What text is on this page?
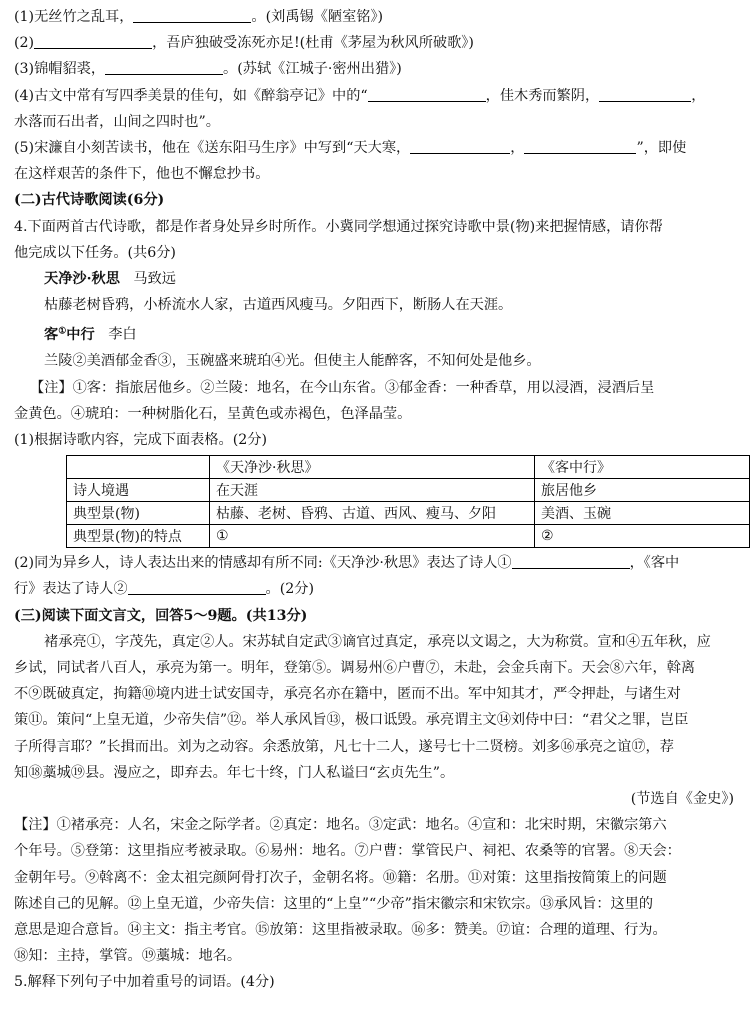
(1)无丝竹之乱耳，	。(刘禹锡《陋室铭》)
(2)	，吾庐独破受冻死亦足!(杜甫《茅屋为秋风所破歌》)
(3)锦帽貂裘，	。(苏轼《江城子·密州出猎》)
(4)古文中常有写四季美景的佳句，如《醉翁亭记》中的“	，佳木秀而繁阴，	，
水落而石出者，山间之四时也”。
(5)宋濂自小刻苦读书，他在《送东阳马生序》中写到“天大寒，	，	”，即使
在这样艰苦的条件下，他也不懈怠抄书。
(二)古代诗歌阅读(6分)
4.下面两首古代诗歌，都是作者身处异乡时所作。小冀同学想通过探究诗歌中景(物)来把握情感，请你帮
他完成以下任务。(共6分)
天净沙·秋思 马致远
枯藤老树昏鸦，小桥流水人家，古道西风瘦马。夕阳西下，断肠人在天涯。
客①中行 李白
兰陵②美酒郁金香③，玉碗盛来琥珀④光。但使主人能醉客，不知何处是他乡。
【注】①客：指旅居他乡。②兰陵：地名，在今山东省。③郁金香：一种香草，用以浸酒，浸酒后呈
金黄色。④琥珀：一种树脂化石，呈黄色或赤褐色，色泽晶莹。
(1)根据诗歌内容，完成下面表格。(2分)
	《天净沙·秋思》	《客中行》
诗人境遇	在天涯	旅居他乡
典型景(物)	枯藤、老树、昏鸦、古道、西风、瘦马、夕阳	美酒、玉碗
典型景(物)的特点	①	②
(2)同为异乡人，诗人表达出来的情感却有所不同:《天净沙·秋思》表达了诗人①	，《客中
行》表达了诗人②	。(2分)
(三)阅读下面文言文，回答5～9题。(共13分)
褚承亮①，字茂先，真定②人。宋苏轼自定武③谪官过真定，承亮以文谒之，大为称赏。宣和④五年秋，应
乡试，同试者八百人，承亮为第一。明年，登第⑤。调易州⑥户曹⑦，未赴，会金兵南下。天会⑧六年，斡离
不⑨既破真定，拘籍⑩境内进士试安国寺，承亮名亦在籍中，匿而不出。军中知其才，严令押赴，与诸生对
策⑪。策问“上皇无道，少帝失信”⑫。举人承风旨⑬，极口诋毁。承亮谓主文⑭刘侍中曰：“君父之罪，岂臣
子所得言耶？”长揖而出。刘为之动容。余悉放第，凡七十二人，遂号七十二贤榜。刘多⑯承亮之谊⑰，荐
知⑱藁城⑲县。漫应之，即弃去。年七十终，门人私谥曰“玄贞先生”。
(节选自《金史》)
【注】①褚承亮：人名，宋金之际学者。②真定：地名。③定武：地名。④宣和：北宋时期，宋徽宗第六
个年号。⑤登第：这里指应考被录取。⑥易州：地名。⑦户曹：掌管民户、祠祀、农桑等的官署。⑧天会：
金朝年号。⑨斡离不：金太祖完颜阿骨打次子，金朝名将。⑩籍：名册。⑪对策：这里指按简策上的问题
陈述自己的见解。⑫上皇无道，少帝失信：这里的“上皇”“少帝”指宋徽宗和宋钦宗。⑬承风旨：这里的
意思是迎合意旨。⑭主文：指主考官。⑮放第：这里指被录取。⑯多：赞美。⑰谊：合理的道理、行为。
⑱知：主持，掌管。⑲藁城：地名。
5.解释下列句子中加着重号的词语。(4分)
